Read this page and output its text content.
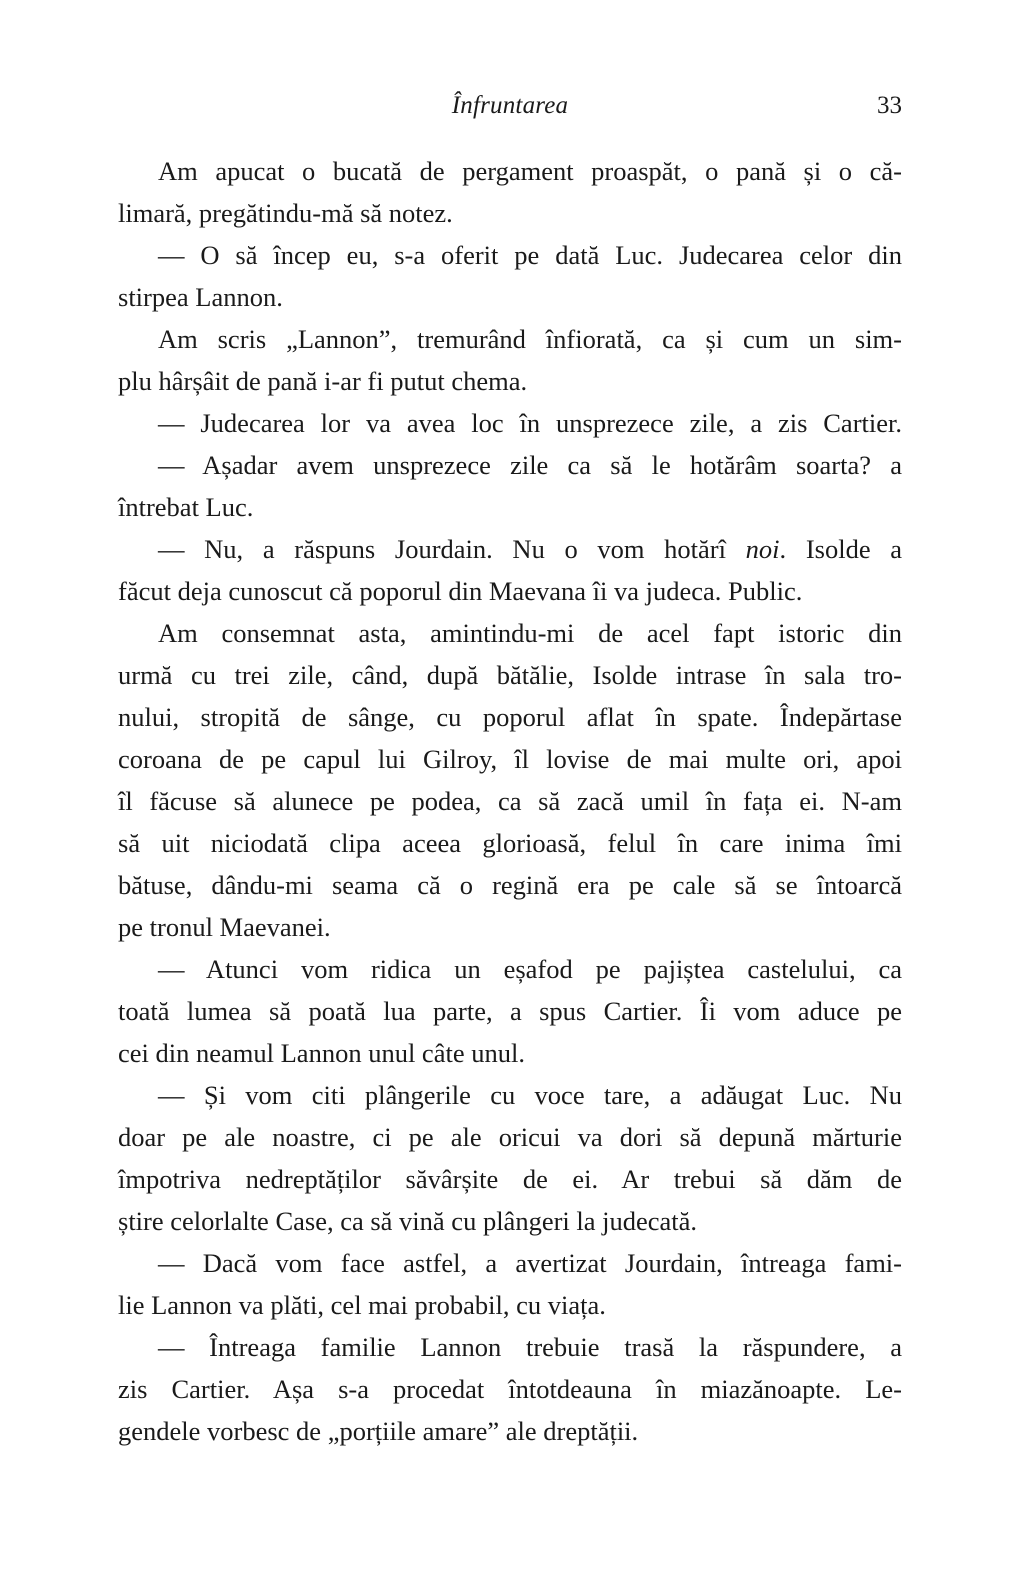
Înfruntarea	33
Am apucat o bucată de pergament proaspăt, o pană și o că-
limară, pregătindu-mă să notez.
— O să încep eu, s-a oferit pe dată Luc. Judecarea celor din
stirpea Lannon.
Am scris „Lannon”, tremurând înfiorată, ca și cum un sim-
plu hârșâit de pană i-ar fi putut chema.
— Judecarea lor va avea loc în unsprezece zile, a zis Cartier.
— Așadar avem unsprezece zile ca să le hotărâm soarta? a
întrebat Luc.
— Nu, a răspuns Jourdain. Nu o vom hotărî noi. Isolde a
făcut deja cunoscut că poporul din Maevana îi va judeca. Public.
Am consemnat asta, amintindu-mi de acel fapt istoric din
urmă cu trei zile, când, după bătălie, Isolde intrase în sala tro-
nului, stropită de sânge, cu poporul aflat în spate. Îndepărtase
coroana de pe capul lui Gilroy, îl lovise de mai multe ori, apoi
îl făcuse să alunece pe podea, ca să zacă umil în fața ei. N-am
să uit niciodată clipa aceea glorioasă, felul în care inima îmi
bătuse, dându-mi seama că o regină era pe cale să se întoarcă
pe tronul Maevanei.
— Atunci vom ridica un eșafod pe pajiștea castelului, ca
toată lumea să poată lua parte, a spus Cartier. Îi vom aduce pe
cei din neamul Lannon unul câte unul.
— Și vom citi plângerile cu voce tare, a adăugat Luc. Nu
doar pe ale noastre, ci pe ale oricui va dori să depună mărturie
împotriva nedreptăților săvârșite de ei. Ar trebui să dăm de
știre celorlalte Case, ca să vină cu plângeri la judecată.
— Dacă vom face astfel, a avertizat Jourdain, întreaga fami-
lie Lannon va plăti, cel mai probabil, cu viața.
— Întreaga familie Lannon trebuie trasă la răspundere, a
zis Cartier. Așa s-a procedat întotdeauna în miazănoapte. Le-
gendele vorbesc de „porțiile amare” ale dreptății.
